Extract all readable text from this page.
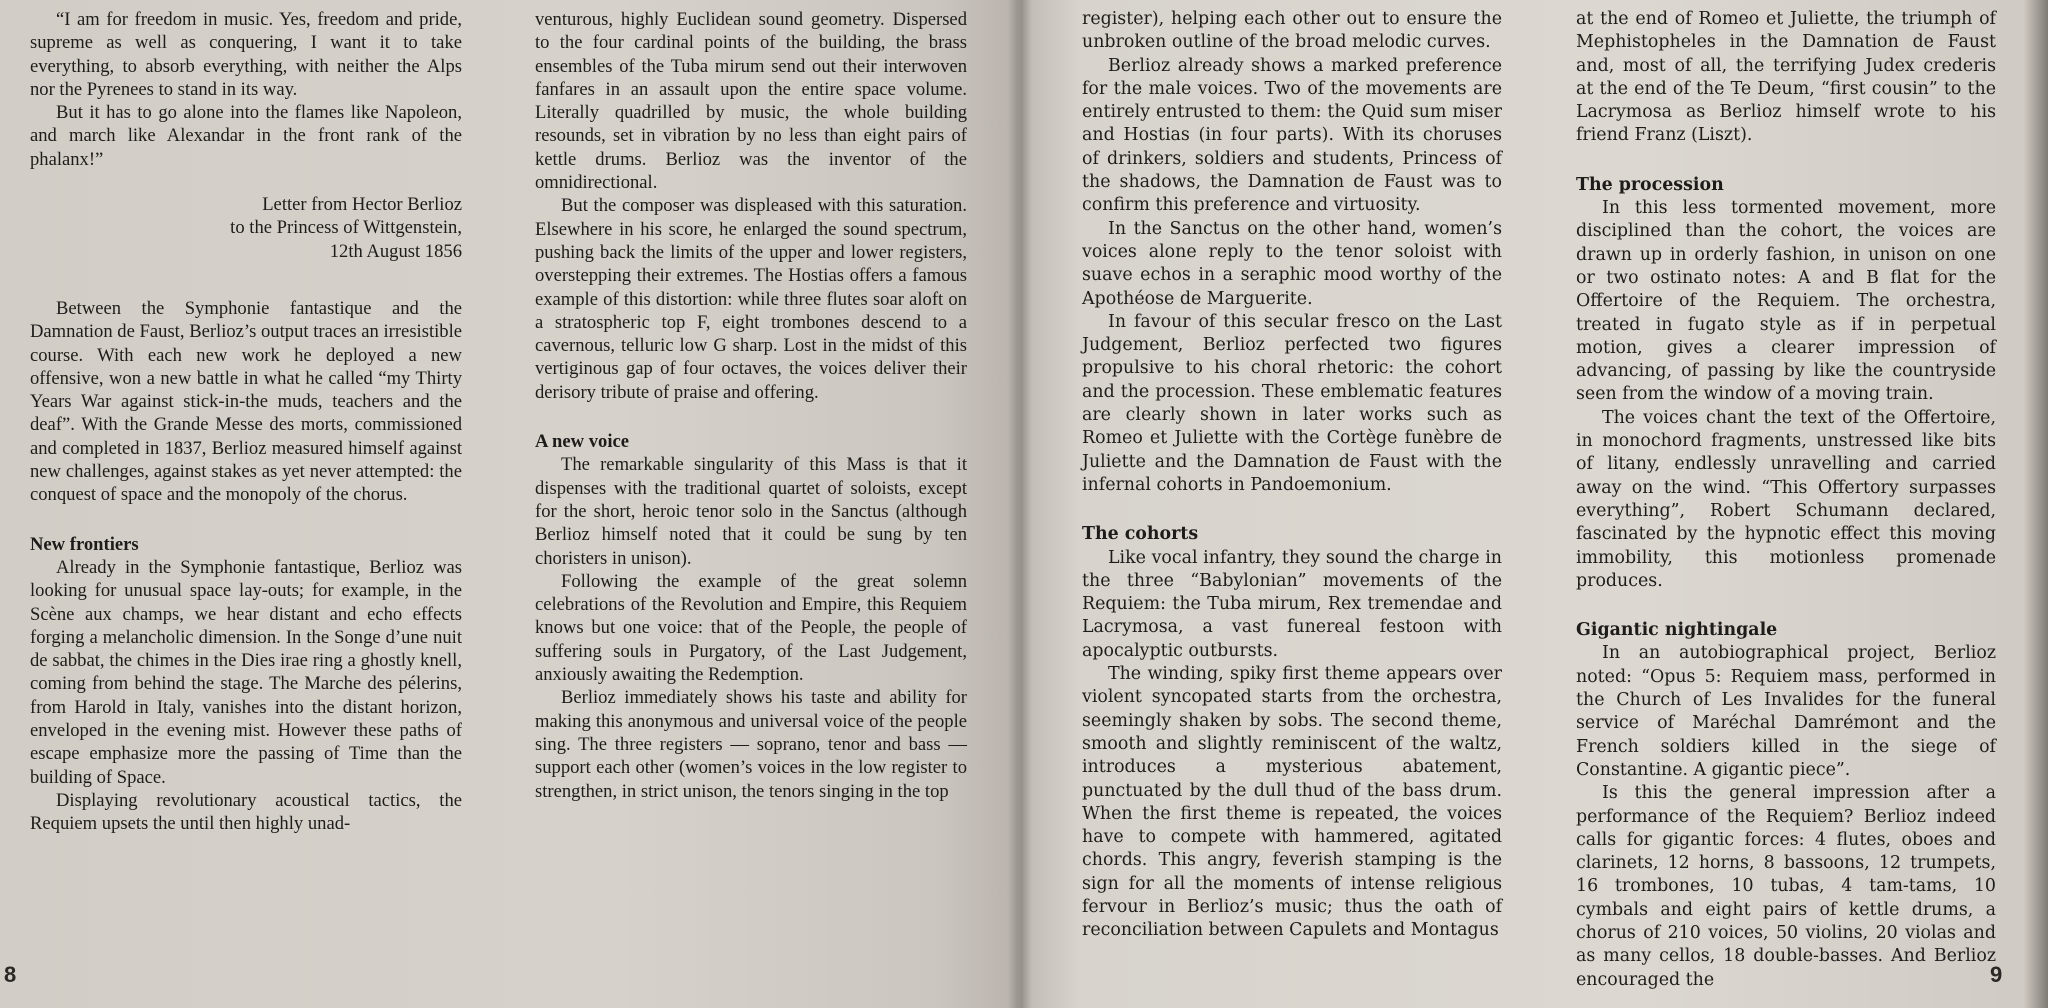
“I am for freedom in music. Yes, freedom and pride, supreme as well as conquering, I want it to take everything, to absorb everything, with neither the Alps nor the Pyrenees to stand in its way.

But it has to go alone into the flames like Napoleon, and march like Alexandar in the front rank of the phalanx!”

Letter from Hector Berlioz
to the Princess of Wittgenstein,
12th August 1856

Between the Symphonie fantastique and the Damnation de Faust, Berlioz’s output traces an irresistible course. With each new work he deployed a new offensive, won a new battle in what he called “my Thirty Years War against stick-in-the muds, teachers and the deaf”. With the Grande Messe des morts, commissioned and completed in 1837, Berlioz measured himself against new challenges, against stakes as yet never attempted: the conquest of space and the monopoly of the chorus.

New frontiers

Already in the Symphonie fantastique, Berlioz was looking for unusual space lay-outs; for example, in the Scène aux champs, we hear distant and echo effects forging a melancholic dimension. In the Songe d’une nuit de sabbat, the chimes in the Dies irae ring a ghostly knell, coming from behind the stage. The Marche des pélerins, from Harold in Italy, vanishes into the distant horizon, enveloped in the evening mist. However these paths of escape emphasize more the passing of Time than the building of Space.

Displaying revolutionary acoustical tactics, the Requiem upsets the until then highly unad-

venturous, highly Euclidean sound geometry. Dispersed to the four cardinal points of the building, the brass ensembles of the Tuba mirum send out their interwoven fanfares in an assault upon the entire space volume. Literally quadrilled by music, the whole building resounds, set in vibration by no less than eight pairs of kettle drums. Berlioz was the inventor of the omnidirectional.

But the composer was displeased with this saturation. Elsewhere in his score, he enlarged the sound spectrum, pushing back the limits of the upper and lower registers, overstepping their extremes. The Hostias offers a famous example of this distortion: while three flutes soar aloft on a stratospheric top F, eight trombones descend to a cavernous, telluric low G sharp. Lost in the midst of this vertiginous gap of four octaves, the voices deliver their derisory tribute of praise and offering.

A new voice

The remarkable singularity of this Mass is that it dispenses with the traditional quartet of soloists, except for the short, heroic tenor solo in the Sanctus (although Berlioz himself noted that it could be sung by ten choristers in unison).

Following the example of the great solemn celebrations of the Revolution and Empire, this Requiem knows but one voice: that of the People, the people of suffering souls in Purgatory, of the Last Judgement, anxiously awaiting the Redemption.

Berlioz immediately shows his taste and ability for making this anonymous and universal voice of the people sing. The three registers — soprano, tenor and bass — support each other (women’s voices in the low register to strengthen, in strict unison, the tenors singing in the top

8

register), helping each other out to ensure the unbroken outline of the broad melodic curves.

Berlioz already shows a marked preference for the male voices. Two of the movements are entirely entrusted to them: the Quid sum miser and Hostias (in four parts). With its choruses of drinkers, soldiers and students, Princess of the shadows, the Damnation de Faust was to confirm this preference and virtuosity.

In the Sanctus on the other hand, women’s voices alone reply to the tenor soloist with suave echos in a seraphic mood worthy of the Apothéose de Marguerite.

In favour of this secular fresco on the Last Judgement, Berlioz perfected two figures propulsive to his choral rhetoric: the cohort and the procession. These emblematic features are clearly shown in later works such as Romeo et Juliette with the Cortège funèbre de Juliette and the Damnation de Faust with the infernal cohorts in Pandoemonium.

The cohorts

Like vocal infantry, they sound the charge in the three “Babylonian” movements of the Requiem: the Tuba mirum, Rex tremendae and Lacrymosa, a vast funereal festoon with apocalyptic outbursts.

The winding, spiky first theme appears over violent syncopated starts from the orchestra, seemingly shaken by sobs. The second theme, smooth and slightly reminiscent of the waltz, introduces a mysterious abatement, punctuated by the dull thud of the bass drum. When the first theme is repeated, the voices have to compete with hammered, agitated chords. This angry, feverish stamping is the sign for all the moments of intense religious fervour in Berlioz’s music; thus the oath of reconciliation between Capulets and Montagus

at the end of Romeo et Juliette, the triumph of Mephistopheles in the Damnation de Faust and, most of all, the terrifying Judex crederis at the end of the Te Deum, “first cousin” to the Lacrymosa as Berlioz himself wrote to his friend Franz (Liszt).

The procession

In this less tormented movement, more disciplined than the cohort, the voices are drawn up in orderly fashion, in unison on one or two ostinato notes: A and B flat for the Offertoire of the Requiem. The orchestra, treated in fugato style as if in perpetual motion, gives a clearer impression of advancing, of passing by like the countryside seen from the window of a moving train.

The voices chant the text of the Offertoire, in monochord fragments, unstressed like bits of litany, endlessly unravelling and carried away on the wind. “This Offertory surpasses everything”, Robert Schumann declared, fascinated by the hypnotic effect this moving immobility, this motionless promenade produces.

Gigantic nightingale

In an autobiographical project, Berlioz noted: “Opus 5: Requiem mass, performed in the Church of Les Invalides for the funeral service of Maréchal Damrémont and the French soldiers killed in the siege of Constantine. A gigantic piece”.

Is this the general impression after a performance of the Requiem? Berlioz indeed calls for gigantic forces: 4 flutes, oboes and clarinets, 12 horns, 8 bassoons, 12 trumpets, 16 trombones, 10 tubas, 4 tam-tams, 10 cymbals and eight pairs of kettle drums, a chorus of 210 voices, 50 violins, 20 violas and as many cellos, 18 double-basses. And Berlioz encouraged the	9
